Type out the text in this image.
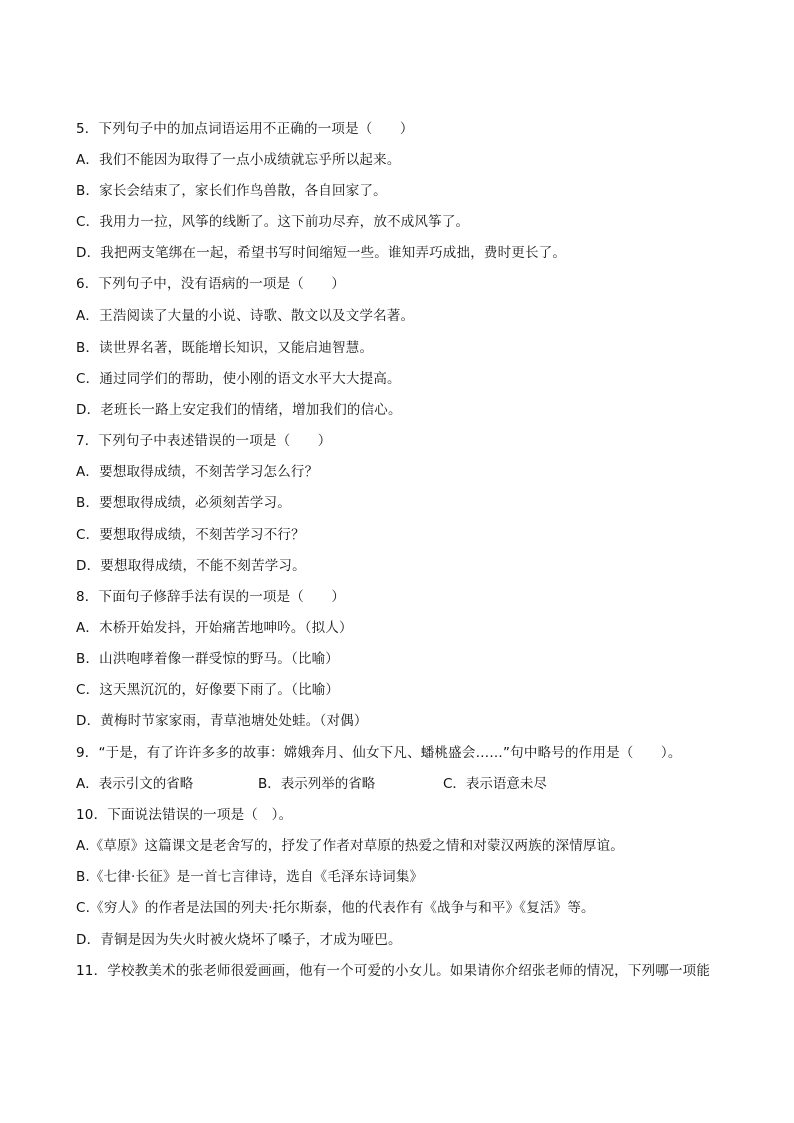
5．下列句子中的加点词语运用不正确的一项是（　　）
A．我们不能因为取得了一点小成绩就忘乎所以起来。
B．家长会结束了，家长们作鸟兽散，各自回家了。
C．我用力一拉，风筝的线断了。这下前功尽弃，放不成风筝了。
D．我把两支笔绑在一起，希望书写时间缩短一些。谁知弄巧成拙，费时更长了。
6．下列句子中，没有语病的一项是（　　）
A．王浩阅读了大量的小说、诗歌、散文以及文学名著。
B．读世界名著，既能增长知识，又能启迪智慧。
C．通过同学们的帮助，使小刚的语文水平大大提高。
D．老班长一路上安定我们的情绪，增加我们的信心。
7．下列句子中表述错误的一项是（　　）
A．要想取得成绩，不刻苦学习怎么行？
B．要想取得成绩，必须刻苦学习。
C．要想取得成绩，不刻苦学习不行？
D．要想取得成绩，不能不刻苦学习。
8．下面句子修辞手法有误的一项是（　　）
A．木桥开始发抖，开始痛苦地呻吟。（拟人）
B．山洪咆哮着像一群受惊的野马。（比喻）
C．这天黑沉沉的，好像要下雨了。（比喻）
D．黄梅时节家家雨，青草池塘处处蛙。（对偶）
9．“于是，有了许许多多的故事：嫦娥奔月、仙女下凡、蟠桃盛会……”句中略号的作用是（　　）。
A．表示引文的省略	B．表示列举的省略	C．表示语意未尽
10．下面说法错误的一项是（　）。
A.《草原》这篇课文是老舍写的，抒发了作者对草原的热爱之情和对蒙汉两族的深情厚谊。
B.《七律·长征》是一首七言律诗，选自《毛泽东诗词集》
C.《穷人》的作者是法国的列夫·托尔斯泰，他的代表作有《战争与和平》《复活》等。
D．青铜是因为失火时被火烧坏了嗓子，才成为哑巴。
11．学校教美术的张老师很爱画画，他有一个可爱的小女儿。如果请你介绍张老师的情况，下列哪一项能
